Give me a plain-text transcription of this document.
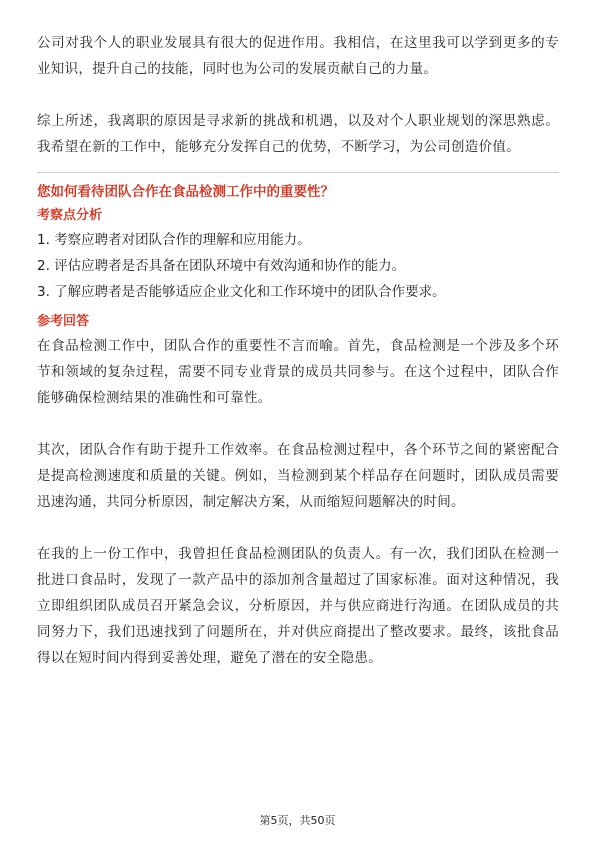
公司对我个人的职业发展具有很大的促进作用。我相信，在这里我可以学到更多的专业知识，提升自己的技能，同时也为公司的发展贡献自己的力量。

综上所述，我离职的原因是寻求新的挑战和机遇，以及对个人职业规划的深思熟虑。我希望在新的工作中，能够充分发挥自己的优势，不断学习，为公司创造价值。

您如何看待团队合作在食品检测工作中的重要性？

考察点分析

1. 考察应聘者对团队合作的理解和应用能力。

2. 评估应聘者是否具备在团队环境中有效沟通和协作的能力。

3. 了解应聘者是否能够适应企业文化和工作环境中的团队合作要求。

参考回答

在食品检测工作中，团队合作的重要性不言而喻。首先，食品检测是一个涉及多个环节和领域的复杂过程，需要不同专业背景的成员共同参与。在这个过程中，团队合作能够确保检测结果的准确性和可靠性。

其次，团队合作有助于提升工作效率。在食品检测过程中，各个环节之间的紧密配合是提高检测速度和质量的关键。例如，当检测到某个样品存在问题时，团队成员需要迅速沟通，共同分析原因，制定解决方案，从而缩短问题解决的时间。

在我的上一份工作中，我曾担任食品检测团队的负责人。有一次，我们团队在检测一批进口食品时，发现了一款产品中的添加剂含量超过了国家标准。面对这种情况，我立即组织团队成员召开紧急会议，分析原因，并与供应商进行沟通。在团队成员的共同努力下，我们迅速找到了问题所在，并对供应商提出了整改要求。最终，该批食品得以在短时间内得到妥善处理，避免了潜在的安全隐患。

第5页，共50页
